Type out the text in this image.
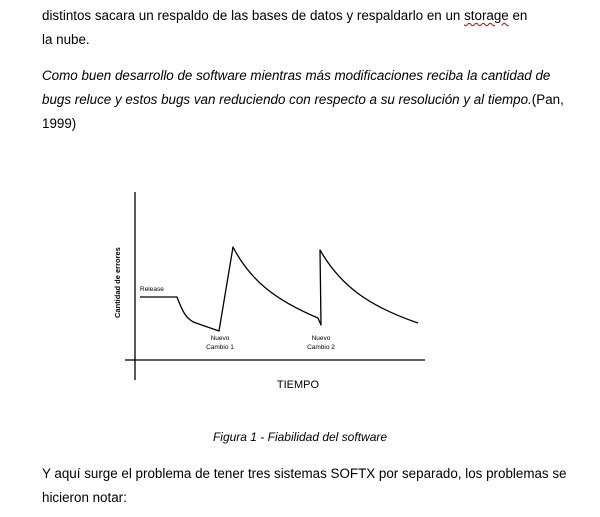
distintos sacara un respaldo de las bases de datos y respaldarlo en un storage en
la nube.

Como buen desarrollo de software mientras más modificaciones reciba la cantidad de
bugs reluce y estos bugs van reduciendo con respecto a su resolución y al tiempo.(Pan,
1999)

Cantidad de errores	Release
Nuevo
Cambio 1
Nuevo
Cambio 2
TIEMPO
Figura 1 - Fiabilidad del software

Y aquí surge el problema de tener tres sistemas SOFTX por separado, los problemas se
hicieron notar:
